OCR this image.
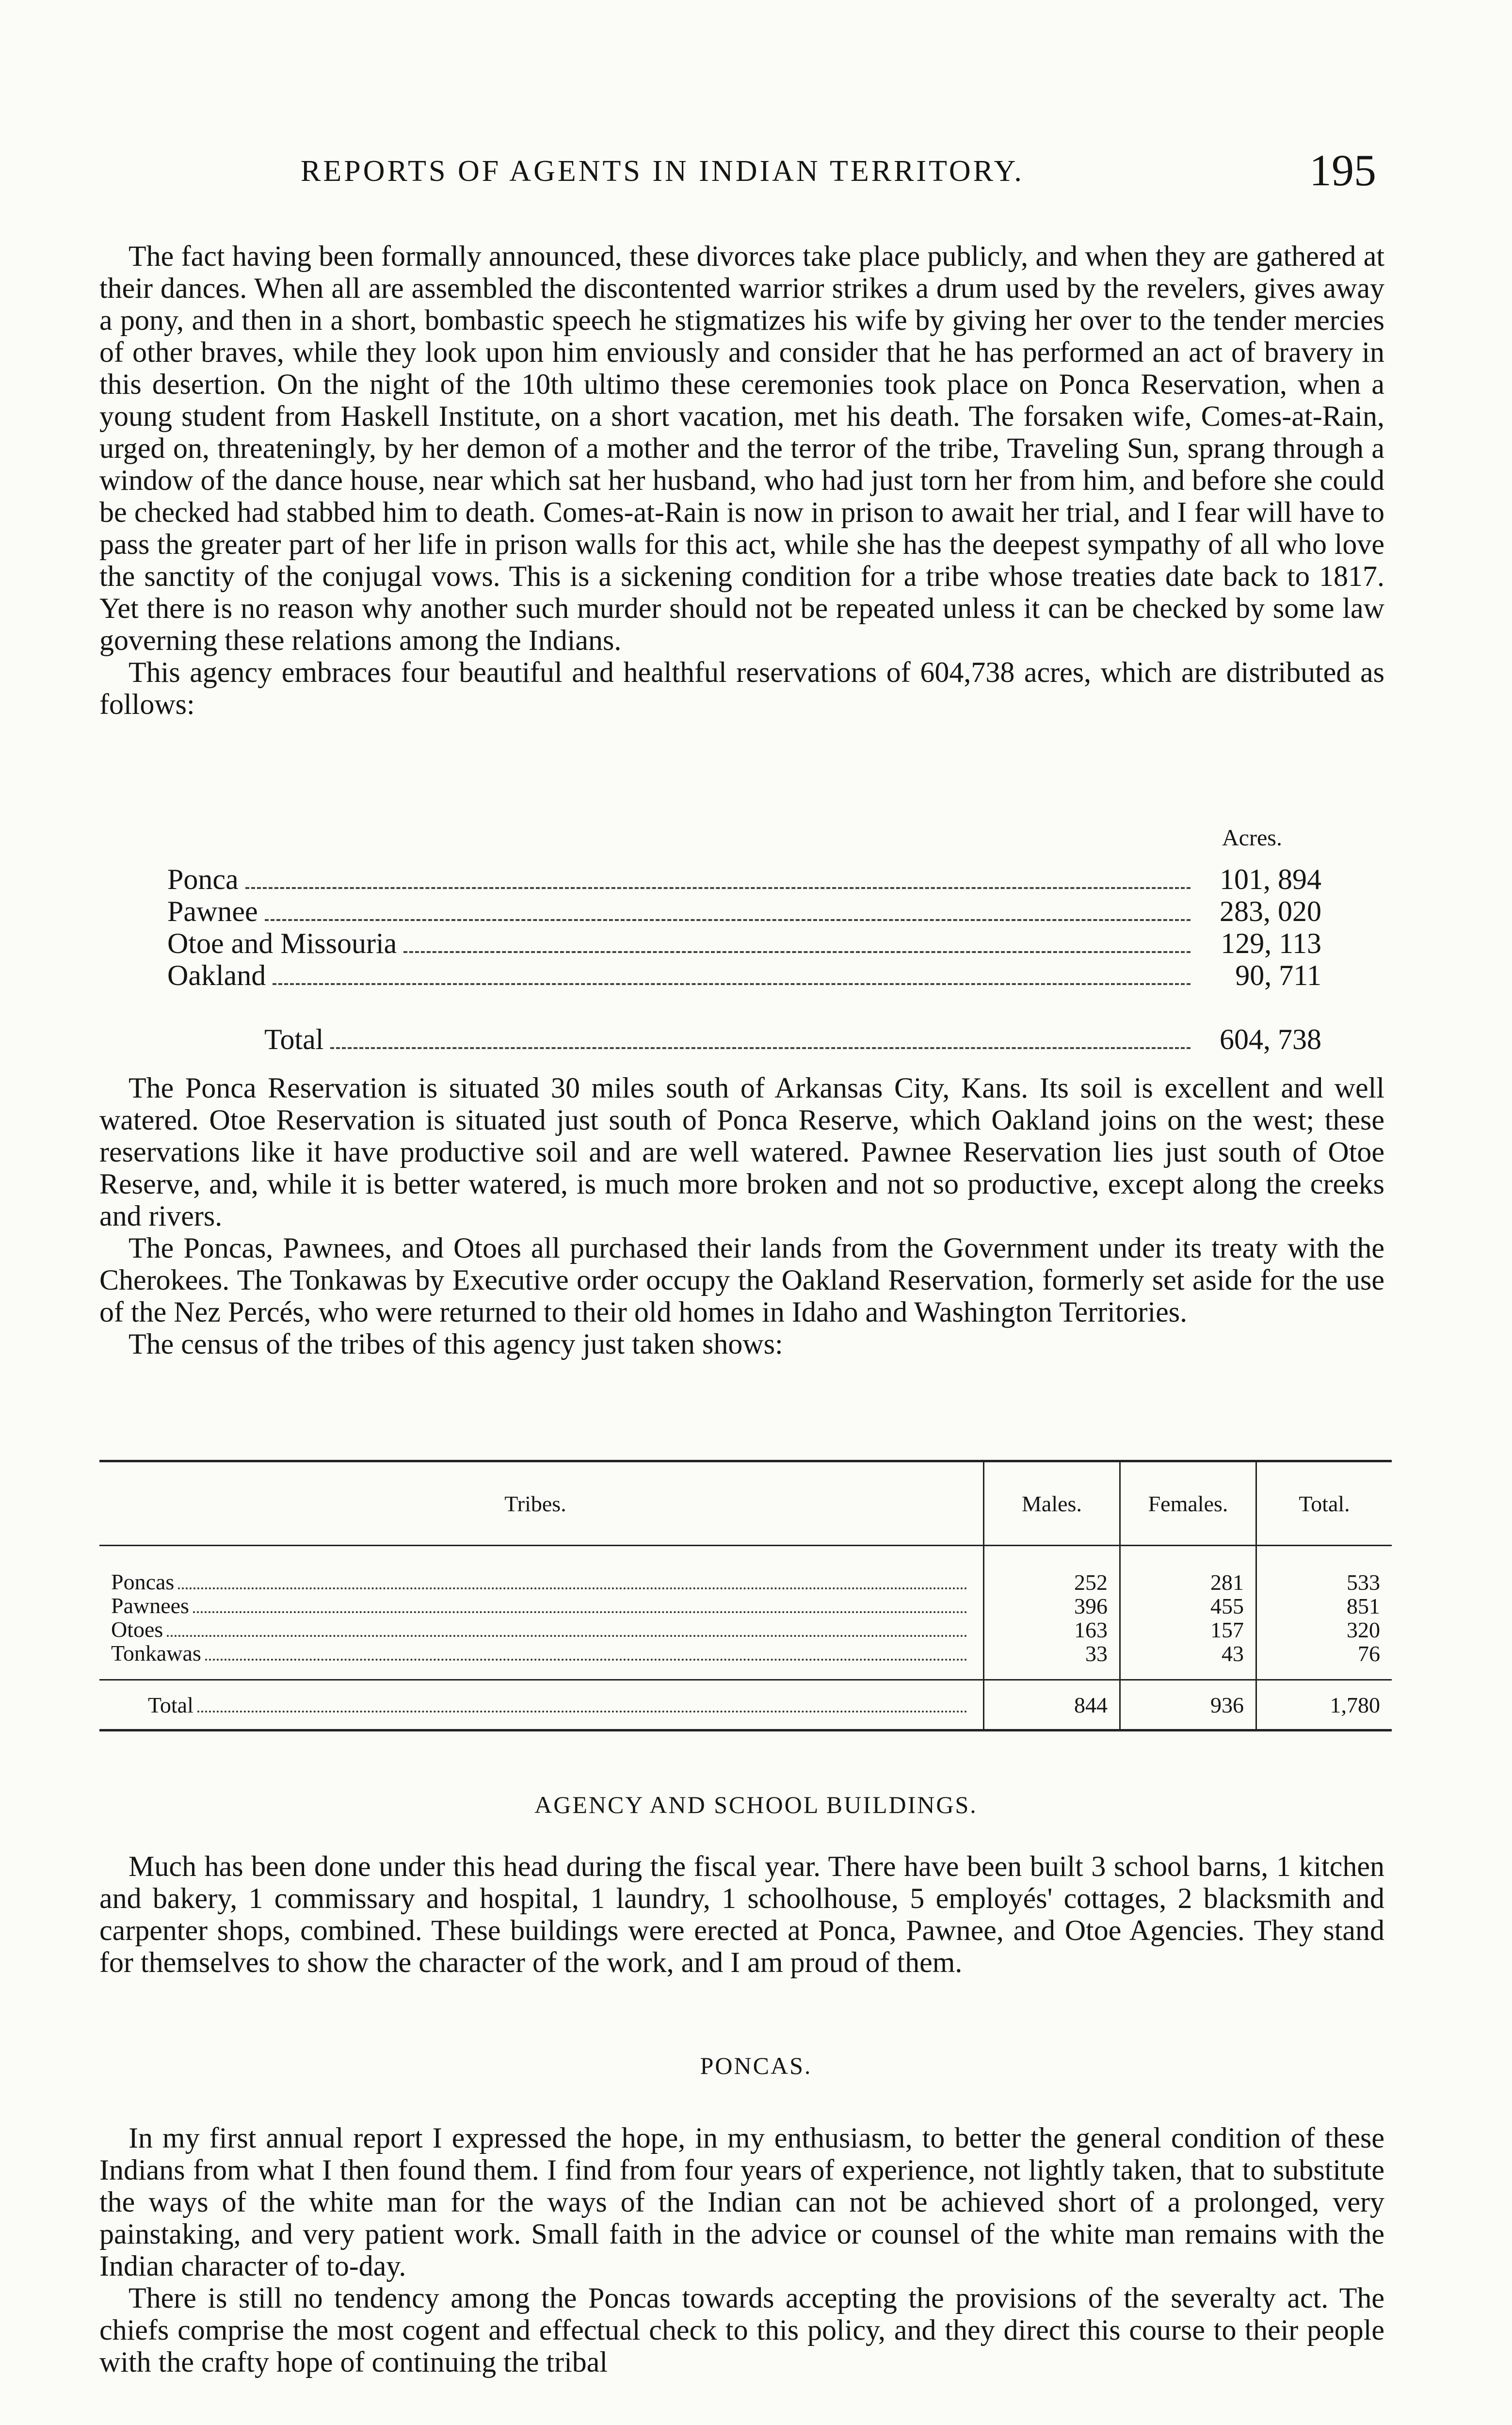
REPORTS OF AGENTS IN INDIAN TERRITORY.	195

The fact having been formally announced, these divorces take place publicly, and when they are gathered at their dances. When all are assembled the discontented warrior strikes a drum used by the revelers, gives away a pony, and then in a short, bombastic speech he stigmatizes his wife by giving her over to the tender mercies of other braves, while they look upon him enviously and consider that he has performed an act of bravery in this desertion. On the night of the 10th ultimo these ceremonies took place on Ponca Reservation, when a young student from Haskell Institute, on a short vacation, met his death. The forsaken wife, Comes-at-Rain, urged on, threateningly, by her demon of a mother and the terror of the tribe, Traveling Sun, sprang through a window of the dance house, near which sat her husband, who had just torn her from him, and before she could be checked had stabbed him to death. Comes-at-Rain is now in prison to await her trial, and I fear will have to pass the greater part of her life in prison walls for this act, while she has the deepest sympathy of all who love the sanctity of the conjugal vows. This is a sickening condition for a tribe whose treaties date back to 1817. Yet there is no reason why another such murder should not be repeated unless it can be checked by some law governing these relations among the Indians.

This agency embraces four beautiful and healthful reservations of 604,738 acres, which are distributed as follows:

Acres.
Ponca	101, 894
Pawnee	283, 020
Otoe and Missouria	129, 113
Oakland	90, 711
Total	604, 738

The Ponca Reservation is situated 30 miles south of Arkansas City, Kans. Its soil is excellent and well watered. Otoe Reservation is situated just south of Ponca Reserve, which Oakland joins on the west; these reservations like it have productive soil and are well watered. Pawnee Reservation lies just south of Otoe Reserve, and, while it is better watered, is much more broken and not so productive, except along the creeks and rivers.

The Poncas, Pawnees, and Otoes all purchased their lands from the Government under its treaty with the Cherokees. The Tonkawas by Executive order occupy the Oakland Reservation, formerly set aside for the use of the Nez Percés, who were returned to their old homes in Idaho and Washington Territories.

The census of the tribes of this agency just taken shows:

Tribes.	Males.	Females.	Total.

Poncas	252	281	533

Pawnees	396	455	851

Otoes	163	157	320

Tonkawas	33	43	76

Total	844	936	1,780
AGENCY AND SCHOOL BUILDINGS.

Much has been done under this head during the fiscal year. There have been built 3 school barns, 1 kitchen and bakery, 1 commissary and hospital, 1 laundry, 1 schoolhouse, 5 employés' cottages, 2 blacksmith and carpenter shops, combined. These buildings were erected at Ponca, Pawnee, and Otoe Agencies. They stand for themselves to show the character of the work, and I am proud of them.

PONCAS.

In my first annual report I expressed the hope, in my enthusiasm, to better the general condition of these Indians from what I then found them. I find from four years of experience, not lightly taken, that to substitute the ways of the white man for the ways of the Indian can not be achieved short of a prolonged, very painstaking, and very patient work. Small faith in the advice or counsel of the white man remains with the Indian character of to-day.

There is still no tendency among the Poncas towards accepting the provisions of the severalty act. The chiefs comprise the most cogent and effectual check to this policy, and they direct this course to their people with the crafty hope of continuing the tribal
